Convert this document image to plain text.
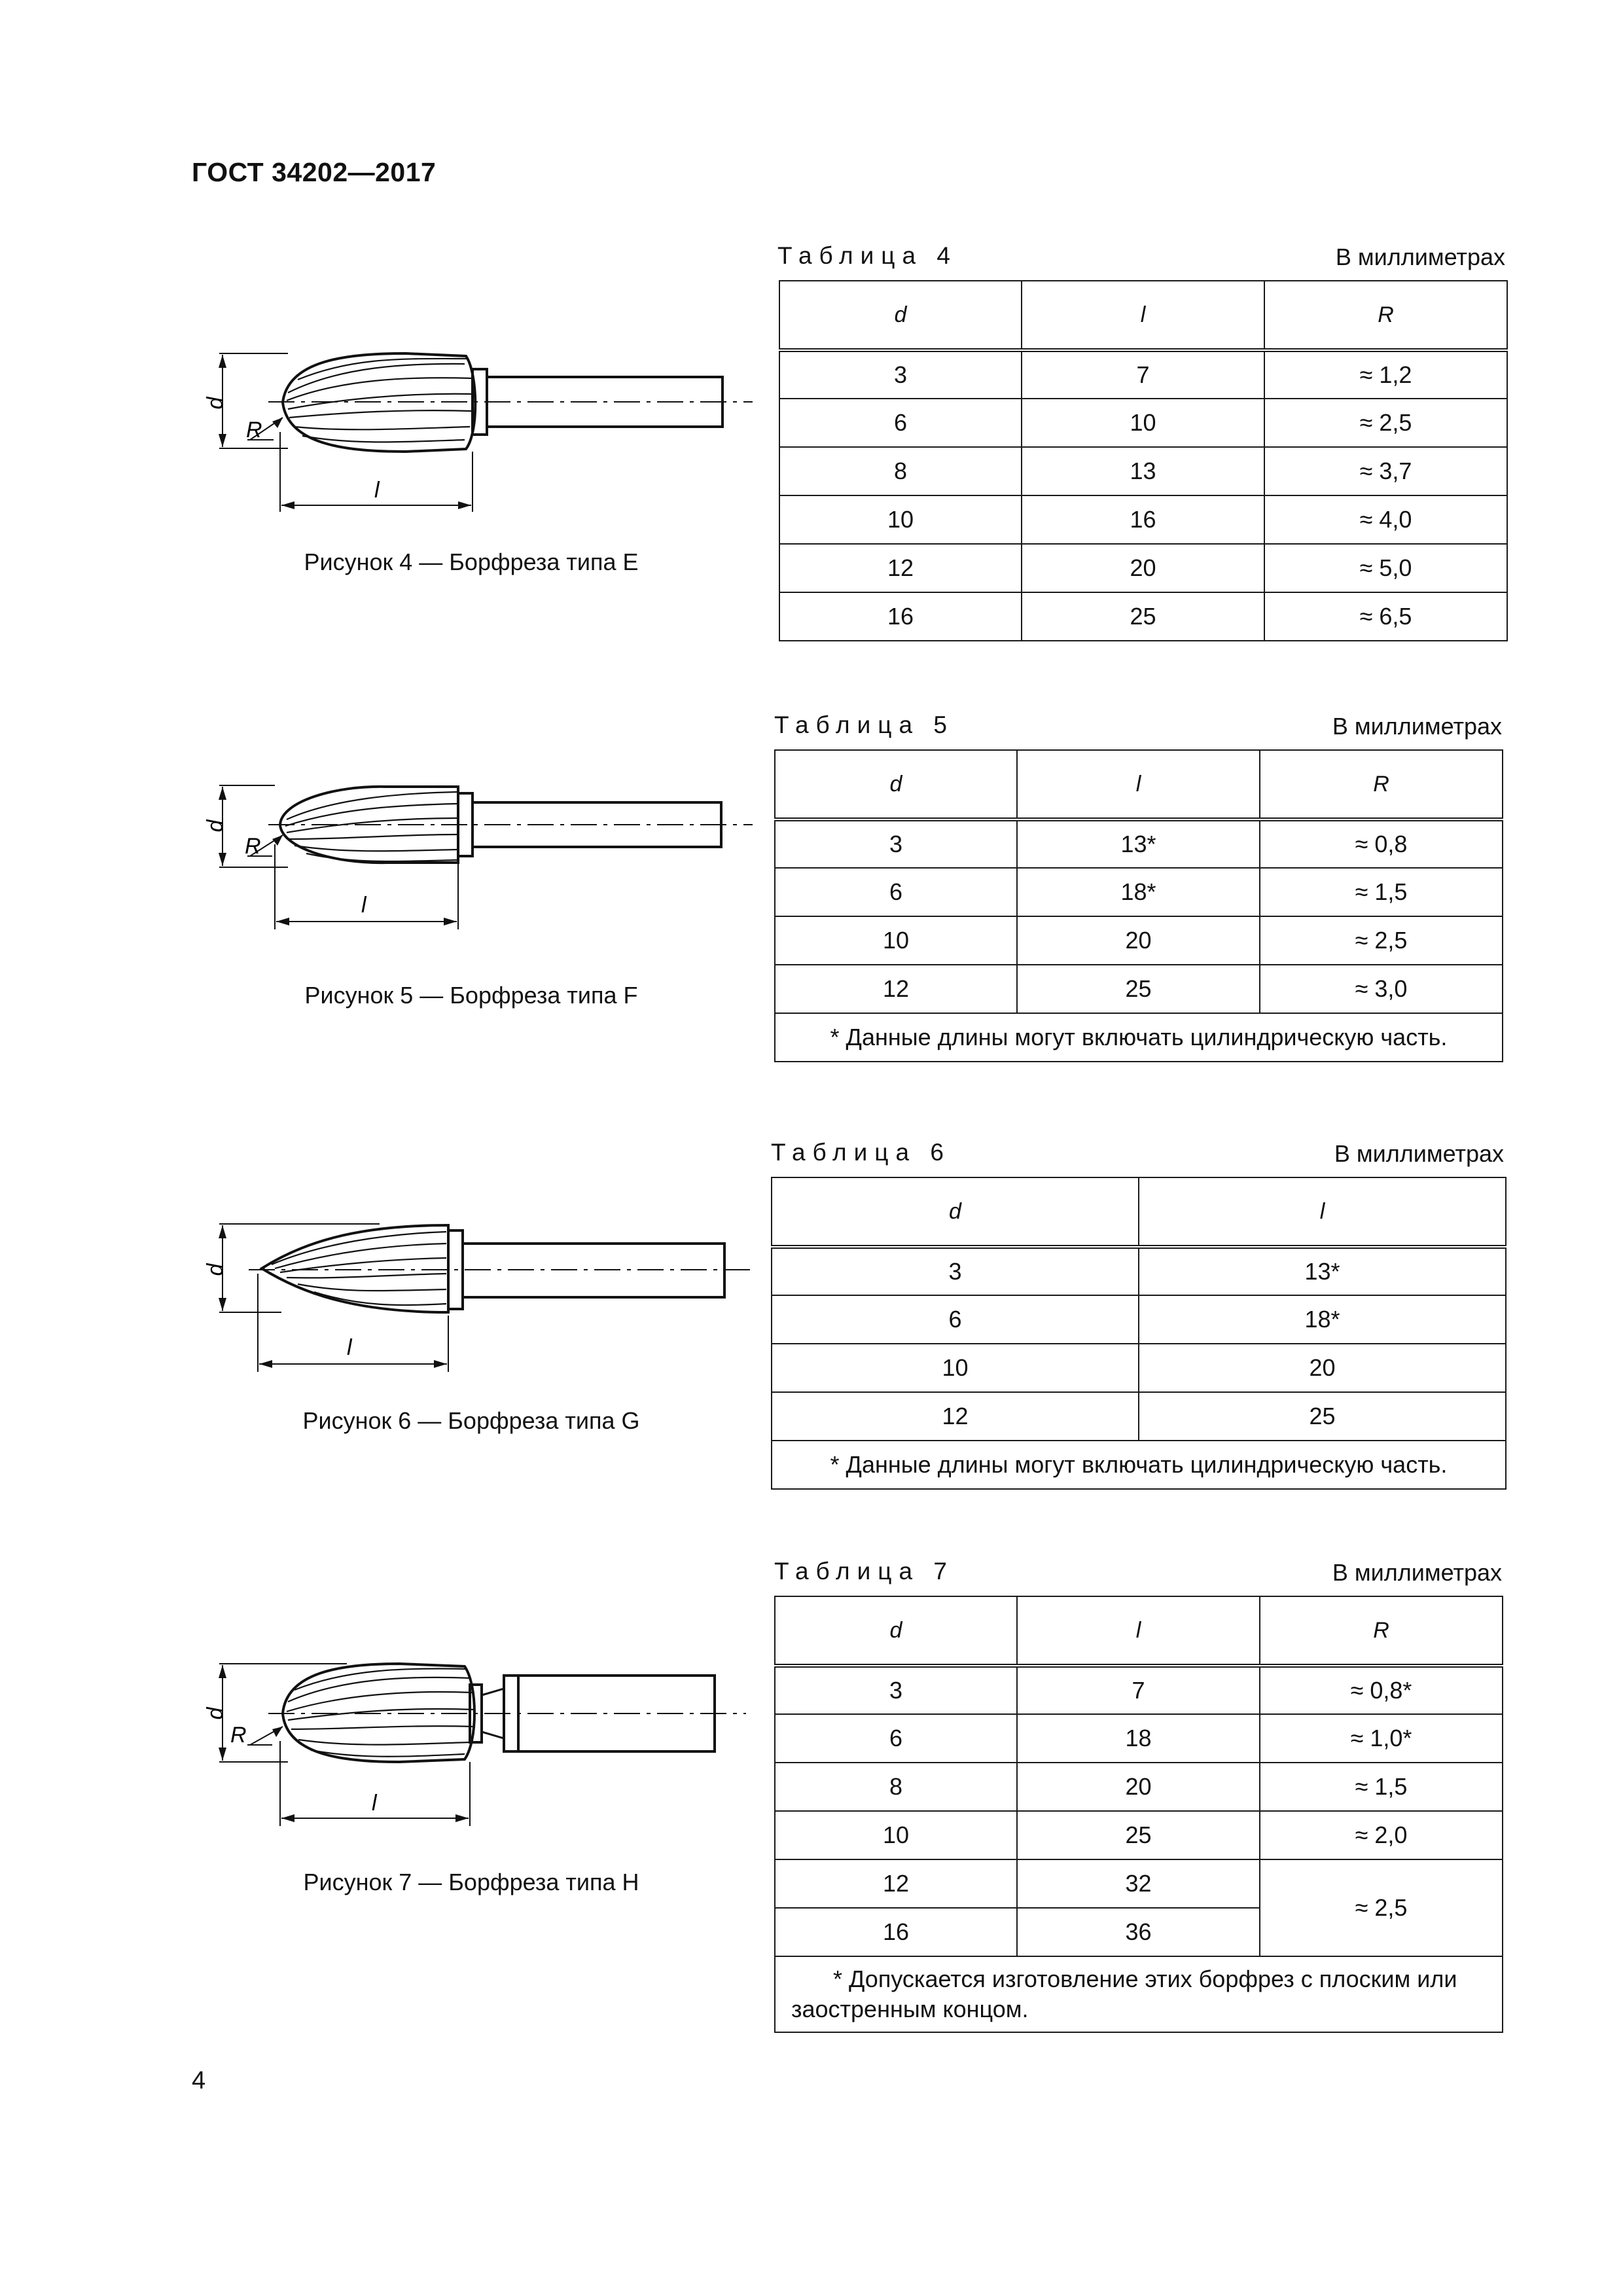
ГОСТ 34202—2017
d
R
l
Рисунок 4 — Борфреза типа E
d
R
l
Рисунок 5 — Борфреза типа F
d
l
Рисунок 6 — Борфреза типа G
d
R
l
Рисунок 7 — Борфреза типа H
Таблица 4	В миллиметрах
d	l	R
3	7	≈ 1,2
6	10	≈ 2,5
8	13	≈ 3,7
10	16	≈ 4,0
12	20	≈ 5,0
16	25	≈ 6,5
Таблица 5	В миллиметрах
d	l	R
3	13*	≈ 0,8
6	18*	≈ 1,5
10	20	≈ 2,5
12	25	≈ 3,0
* Данные длины могут включать цилиндрическую часть.		
Таблица 6	В миллиметрах
d	l
3	13*
6	18*
10	20
12	25
* Данные длины могут включать цилиндрическую часть.	
Таблица 7	В миллиметрах
d	l	R
3	7	≈ 0,8*
6	18	≈ 1,0*
8	20	≈ 1,5
10	25	≈ 2,0
12	32	≈ 2,5
16	36	
* Допускается изготовление этих борфрез с плоским или заостренным концом.		
4
